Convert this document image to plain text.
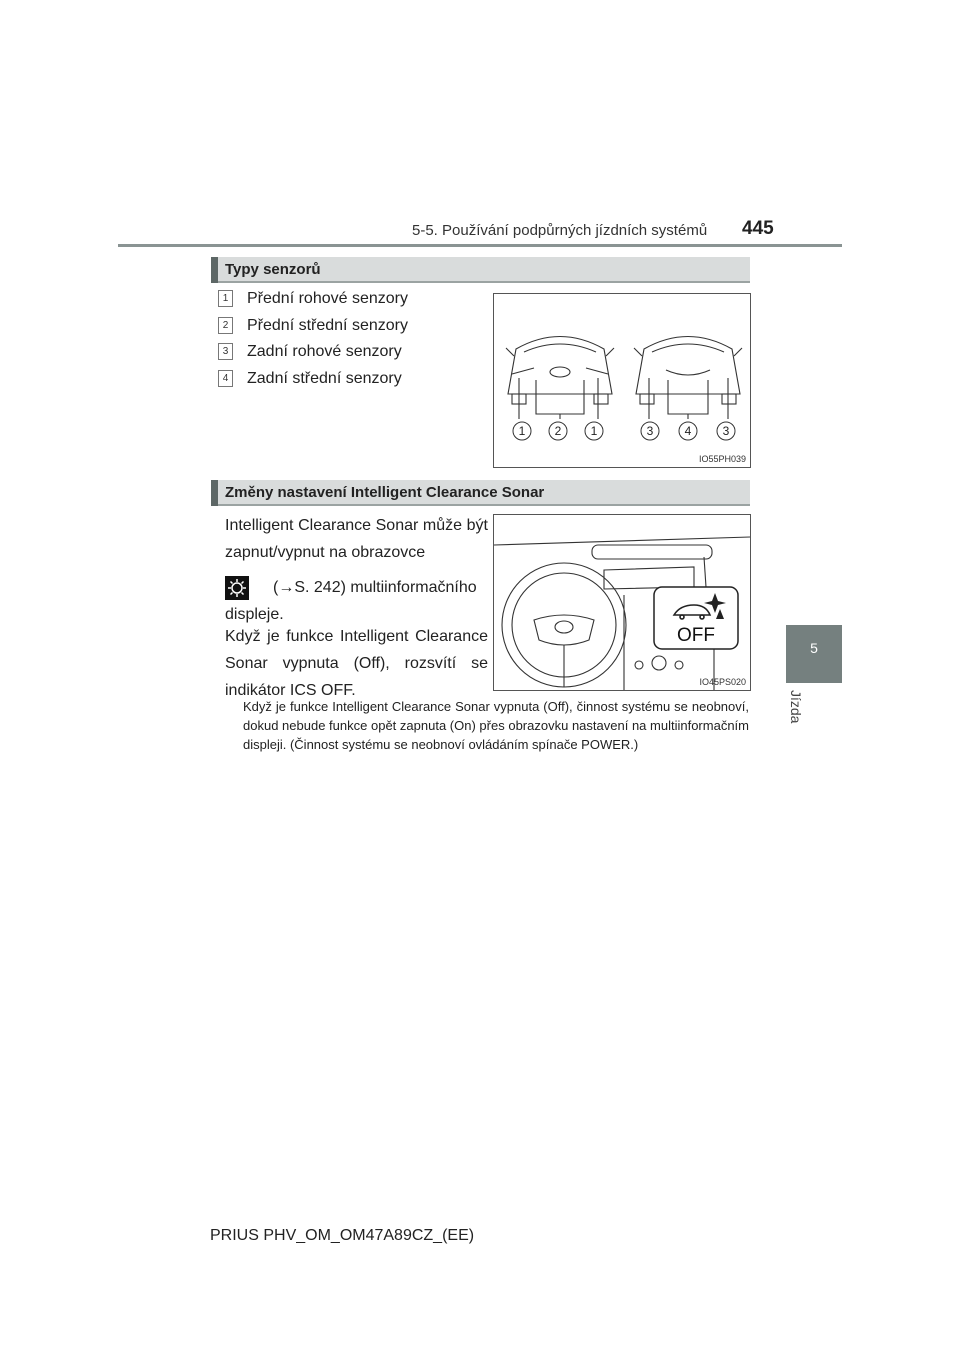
5-5. Používání podpůrných jízdních systémů 445
5
Jízda
Typy senzorů
1 Přední rohové senzory
2 Přední střední senzory
3 Zadní rohové senzory
4 Zadní střední senzory
1 2 1	3	4	3
IO55PH039
Změny nastavení Intelligent Clearance Sonar
Intelligent Clearance Sonar může být zapnut/vypnut na obrazovce
(→S. 242) multiinformačního displeje.
Když je funkce Intelligent Clearance Sonar vypnuta (Off), rozsvítí se indikátor ICS OFF.
OFF
IO45PS020
Když je funkce Intelligent Clearance Sonar vypnuta (Off), činnost systému se neobnoví, dokud nebude funkce opět zapnuta (On) přes obrazovku nastavení na multiinformačním displeji. (Činnost systému se neobnoví ovládáním spínače POWER.)
PRIUS PHV_OM_OM47A89CZ_(EE)
